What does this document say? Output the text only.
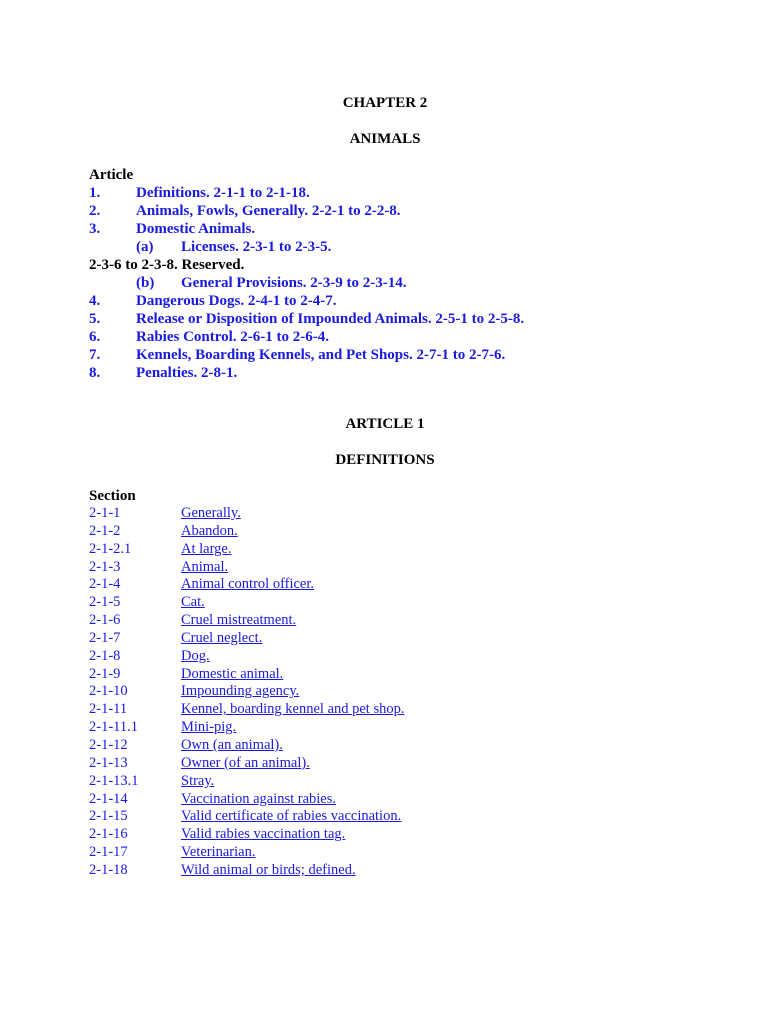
CHAPTER 2
ANIMALS

Article

1. Definitions. 2-1-1 to 2-1-18.
2. Animals, Fowls, Generally. 2-2-1 to 2-2-8.
3. Domestic Animals.
(a) Licenses. 2-3-1 to 2-3-5.
2-3-6 to 2-3-8. Reserved.
(b) General Provisions. 2-3-9 to 2-3-14.
4. Dangerous Dogs. 2-4-1 to 2-4-7.
5. Release or Disposition of Impounded Animals. 2-5-1 to 2-5-8.
6. Rabies Control. 2-6-1 to 2-6-4.
7. Kennels, Boarding Kennels, and Pet Shops. 2-7-1 to 2-7-6.
8. Penalties. 2-8-1.
ARTICLE 1
DEFINITIONS

Section

2-1-1	Generally.
2-1-2	Abandon.
2-1-2.1	At large.
2-1-3	Animal.
2-1-4	Animal control officer.
2-1-5	Cat.
2-1-6	Cruel mistreatment.
2-1-7	Cruel neglect.
2-1-8	Dog.
2-1-9	Domestic animal.
2-1-10	Impounding agency.
2-1-11	Kennel, boarding kennel and pet shop.
2-1-11.1	Mini-pig.
2-1-12	Own (an animal).
2-1-13	Owner (of an animal).
2-1-13.1	Stray.
2-1-14	Vaccination against rabies.
2-1-15	Valid certificate of rabies vaccination.
2-1-16	Valid rabies vaccination tag.
2-1-17	Veterinarian.
2-1-18	Wild animal or birds; defined.
